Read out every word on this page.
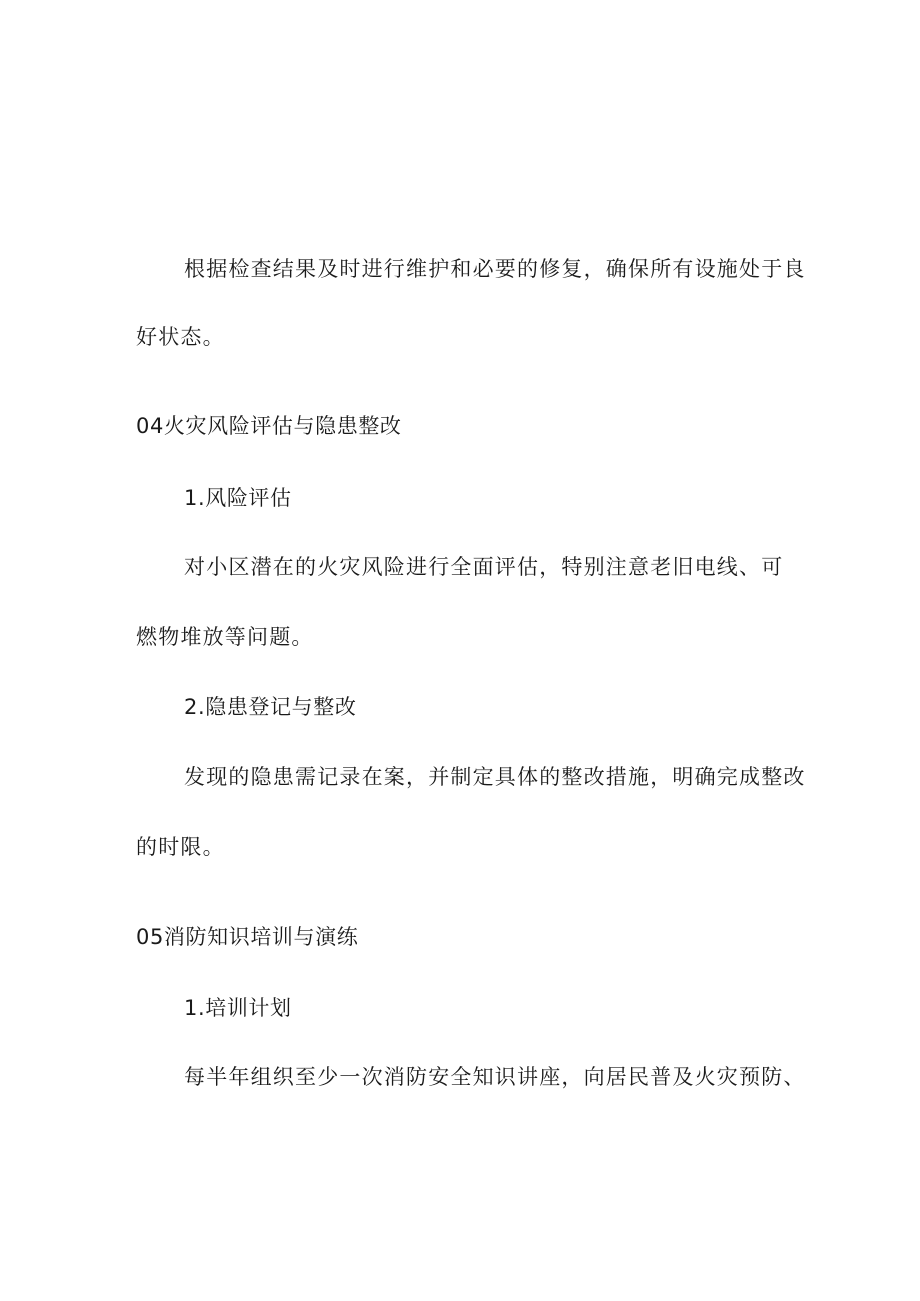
根据检查结果及时进行维护和必要的修复，确保所有设施处于良
好状态。
04火灾风险评估与隐患整改
1.风险评估
对小区潜在的火灾风险进行全面评估，特别注意老旧电线、可
燃物堆放等问题。
2.隐患登记与整改
发现的隐患需记录在案，并制定具体的整改措施，明确完成整改
的时限。
05消防知识培训与演练
1.培训计划
每半年组织至少一次消防安全知识讲座，向居民普及火灾预防、
